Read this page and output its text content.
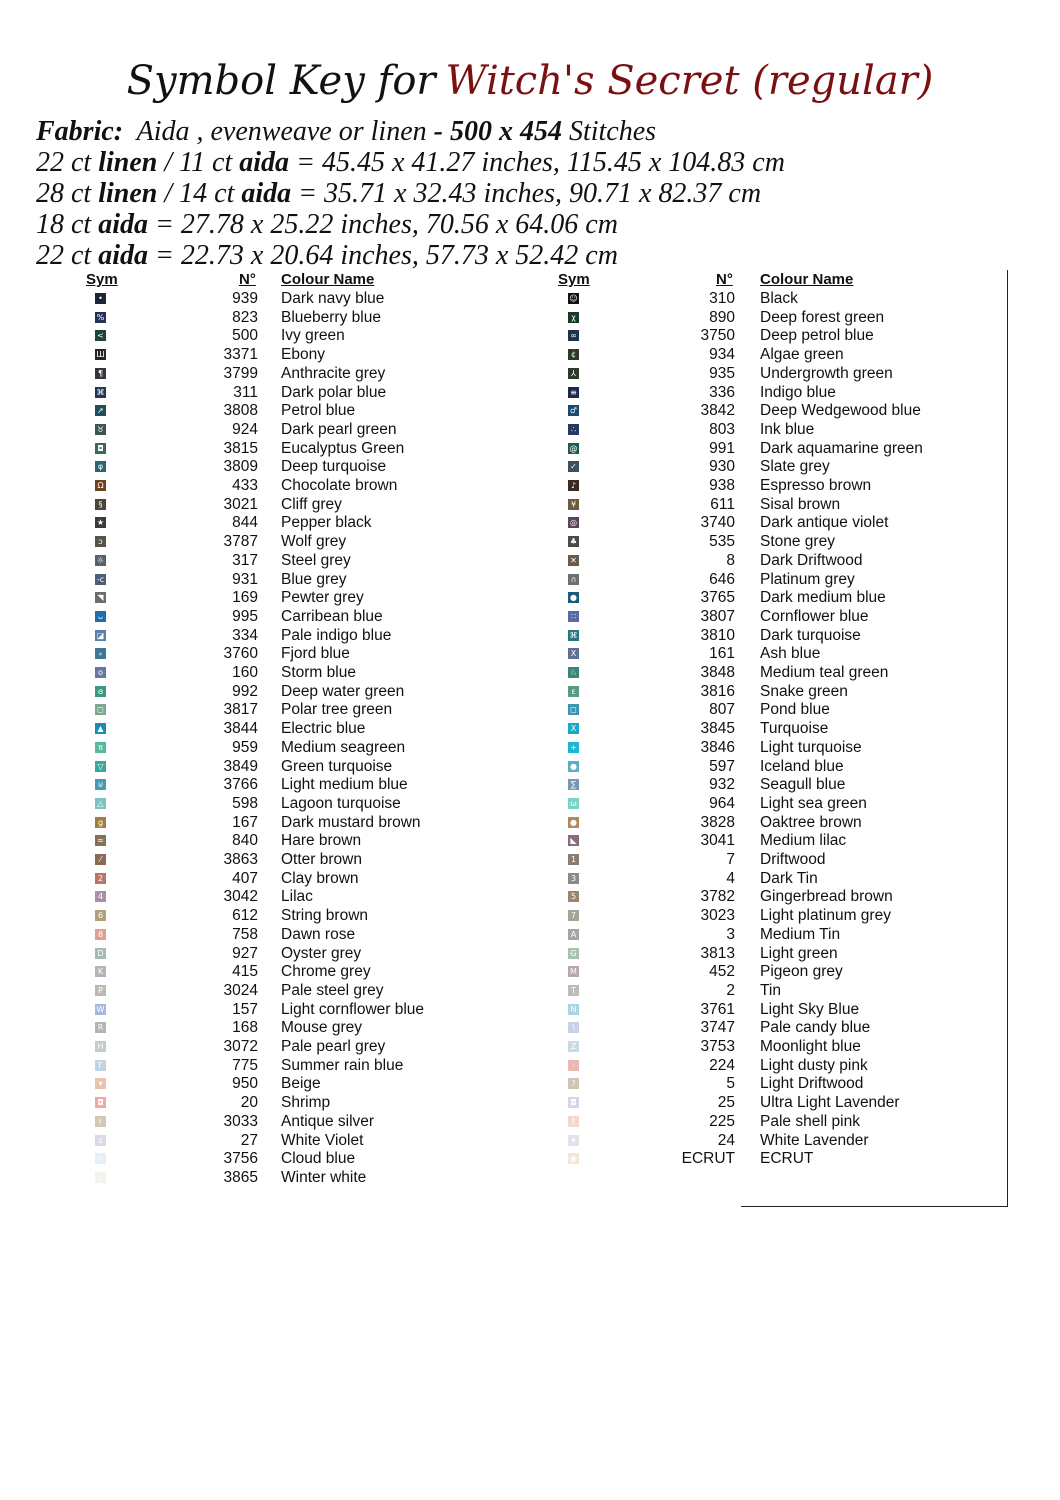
Symbol Key for Witch's Secret (regular)
Fabric: Aida , evenweave or linen - 500 x 454 Stitches
22 ct linen / 11 ct aida = 45.45 x 41.27 inches, 115.45 x 104.83 cm
28 ct linen / 14 ct aida = 35.71 x 32.43 inches, 90.71 x 82.37 cm
18 ct aida = 27.78 x 25.22 inches, 70.56 x 64.06 cm
22 ct aida = 22.73 x 20.64 inches, 57.73 x 52.42 cm
Sym	N° Colour Name	Sym	N° Colour Name
•	939 Dark navy blue
%	823 Blueberry blue
<	500 Ivy green
Ш	3371 Ebony
¶	3799 Anthracite grey
⌘	311 Dark polar blue
➚	3808 Petrol blue
♉	924 Dark pearl green
◘	3815 Eucalyptus Green
φ	3809 Deep turquoise
Ω	433 Chocolate brown
§	3021 Cliff grey
★	844 Pepper black
ɔ	3787 Wolf grey
☼	317 Steel grey
-c	931 Blue grey
◥	169 Pewter grey
ᴗ	995 Carribean blue
◪	334 Pale indigo blue
⸗	3760 Fjord blue
o	160 Storm blue
ɞ	992 Deep water green
◻	3817 Polar tree green
▲	3844 Electric blue
π	959 Medium seagreen
▽	3849 Green turquoise
⊍	3766 Light medium blue
△	598 Lagoon turquoise
g	167 Dark mustard brown
≈	840 Hare brown
⁄	3863 Otter brown
2	407 Clay brown
4	3042 Lilac
6	612 String brown
8	758 Dawn rose
D	927 Oyster grey
K	415 Chrome grey
P	3024 Pale steel grey
W	157 Light cornflower blue
R	168 Mouse grey
H	3072 Pale pearl grey
Γ	775 Summer rain blue
▾	950 Beige
◘	20 Shrimp
r	3033 Antique silver
z	27 White Violet
⊂	3756 Cloud blue
∩	3865 Winter white
☺	310 Black
χ	890 Deep forest green
∞	3750 Deep petrol blue
¢	934 Algae green
⅄	935 Undergrowth green
≡	336 Indigo blue
♂	3842 Deep Wedgewood blue
∴	803 Ink blue
@	991 Dark aquamarine green
✓	930 Slate grey
♪	938 Espresso brown
¥	611 Sisal brown
◎	3740 Dark antique violet
♣	535 Stone grey
✕	8 Dark Driftwood
∩	646 Platinum grey
●	3765 Dark medium blue
∷	3807 Cornflower blue
⌘	3810 Dark turquoise
X	161 Ash blue
♘	3848 Medium teal green
ε	3816 Snake green
◻	807 Pond blue
Χ	3845 Turquoise
+	3846 Light turquoise
●	597 Iceland blue
∑	932 Seagull blue
ω	964 Light sea green
●	3828 Oaktree brown
◣	3041 Medium lilac
1	7 Driftwood
3	4 Dark Tin
5	3782 Gingerbread brown
7	3023 Light platinum grey
A	3 Medium Tin
G	3813 Light green
M	452 Pigeon grey
T	2 Tin
N	3761 Light Sky Blue
\	3747 Pale candy blue
Z	3753 Moonlight blue
·	224 Light dusty pink
?	5 Light Driftwood
◘	25 Ultra Light Lavender
t	225 Pale shell pink
✦	24 White Lavender
◉	ECRUT ECRUT
